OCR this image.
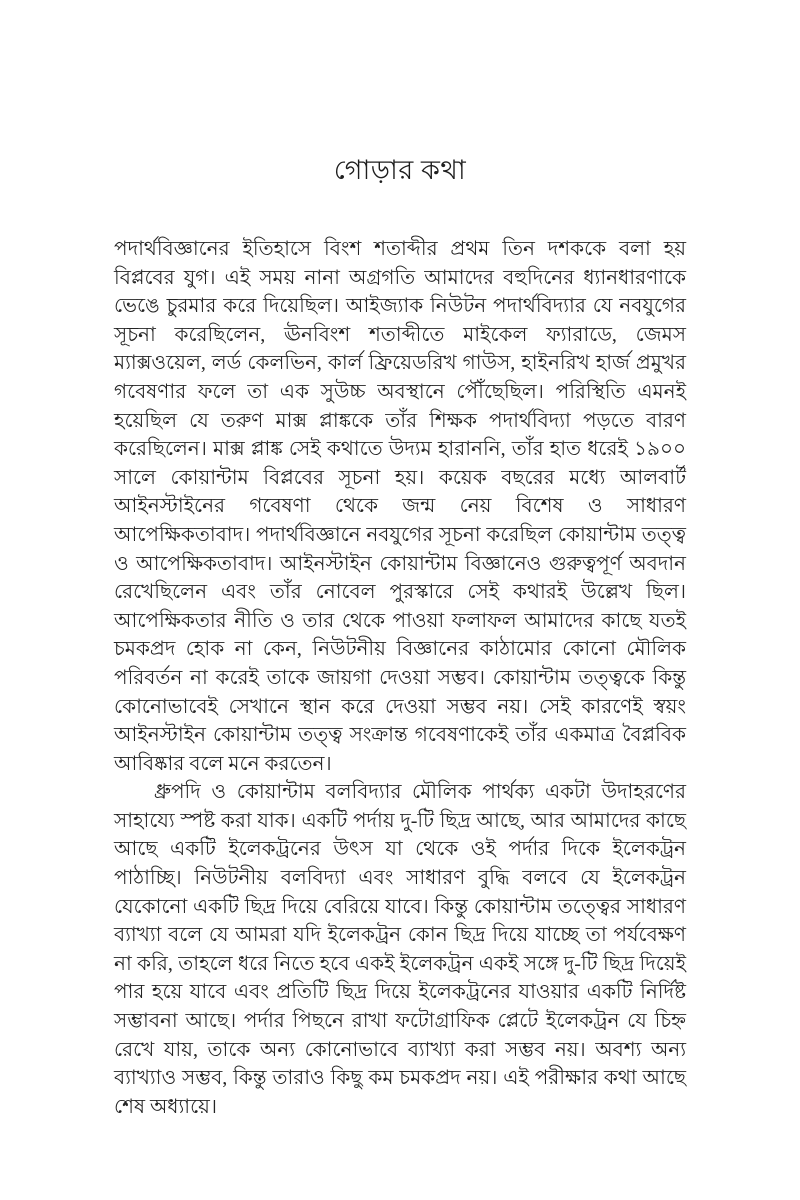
গোড়ার কথা

পদার্থবিজ্ঞানের ইতিহাসে বিংশ শতাব্দীর প্রথম তিন দশককে বলা হয় বিপ্লবের যুগ। এই সময় নানা অগ্রগতি আমাদের বহুদিনের ধ্যানধারণাকে ভেঙে চুরমার করে দিয়েছিল। আইজ্যাক নিউটন পদার্থবিদ্যার যে নবযুগের সূচনা করেছিলেন, ঊনবিংশ শতাব্দীতে মাইকেল ফ্যারাডে, জেমস ম্যাক্সওয়েল, লর্ড কেলভিন, কার্ল ফ্রিয়েডরিখ গাউস, হাইনরিখ হার্জ প্রমুখর গবেষণার ফলে তা এক সুউচ্চ অবস্থানে পৌঁছেছিল। পরিস্থিতি এমনই হয়েছিল যে তরুণ মাক্স প্লাঙ্ককে তাঁর শিক্ষক পদার্থবিদ্যা পড়তে বারণ করেছিলেন। মাক্স প্লাঙ্ক সেই কথাতে উদ্যম হারাননি, তাঁর হাত ধরেই ১৯০০ সালে কোয়ান্টাম বিপ্লবের সূচনা হয়। কয়েক বছরের মধ্যে আলবার্ট আইনস্টাইনের গবেষণা থেকে জন্ম নেয় বিশেষ ও সাধারণ আপেক্ষিকতাবাদ। পদার্থবিজ্ঞানে নবযুগের সূচনা করেছিল কোয়ান্টাম তত্ত্ব ও আপেক্ষিকতাবাদ। আইনস্টাইন কোয়ান্টাম বিজ্ঞানেও গুরুত্বপূর্ণ অবদান রেখেছিলেন এবং তাঁর নোবেল পুরস্কারে সেই কথারই উল্লেখ ছিল। আপেক্ষিকতার নীতি ও তার থেকে পাওয়া ফলাফল আমাদের কাছে যতই চমকপ্রদ হোক না কেন, নিউটনীয় বিজ্ঞানের কাঠামোর কোনো মৌলিক পরিবর্তন না করেই তাকে জায়গা দেওয়া সম্ভব। কোয়ান্টাম তত্ত্বকে কিন্তু কোনোভাবেই সেখানে স্থান করে দেওয়া সম্ভব নয়। সেই কারণেই স্বয়ং আইনস্টাইন কোয়ান্টাম তত্ত্ব সংক্রান্ত গবেষণাকেই তাঁর একমাত্র বৈপ্লবিক আবিষ্কার বলে মনে করতেন।

ধ্রুপদি ও কোয়ান্টাম বলবিদ্যার মৌলিক পার্থক্য একটা উদাহরণের সাহায্যে স্পষ্ট করা যাক। একটি পর্দায় দু-টি ছিদ্র আছে, আর আমাদের কাছে আছে একটি ইলেকট্রনের উৎস যা থেকে ওই পর্দার দিকে ইলেকট্রন পাঠাচ্ছি। নিউটনীয় বলবিদ্যা এবং সাধারণ বুদ্ধি বলবে যে ইলেকট্রন যেকোনো একটি ছিদ্র দিয়ে বেরিয়ে যাবে। কিন্তু কোয়ান্টাম তত্ত্বের সাধারণ ব্যাখ্যা বলে যে আমরা যদি ইলেকট্রন কোন ছিদ্র দিয়ে যাচ্ছে তা পর্যবেক্ষণ না করি, তাহলে ধরে নিতে হবে একই ইলেকট্রন একই সঙ্গে দু-টি ছিদ্র দিয়েই পার হয়ে যাবে এবং প্রতিটি ছিদ্র দিয়ে ইলেকট্রনের যাওয়ার একটি নির্দিষ্ট সম্ভাবনা আছে। পর্দার পিছনে রাখা ফটোগ্রাফিক প্লেটে ইলেকট্রন যে চিহ্ন রেখে যায়, তাকে অন্য কোনোভাবে ব্যাখ্যা করা সম্ভব নয়। অবশ্য অন্য ব্যাখ্যাও সম্ভব, কিন্তু তারাও কিছু কম চমকপ্রদ নয়। এই পরীক্ষার কথা আছে শেষ অধ্যায়ে।
